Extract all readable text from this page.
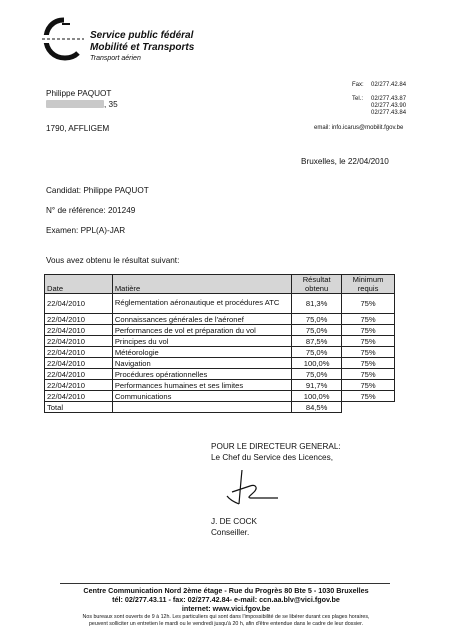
Service public fédéral
Mobilité et Transports
Transport aérien
Fax: 02/277.42.84
Tel.: 02/277.43.87
02/277.43.90
02/277.43.84
email: info.icarus@mobilit.fgov.be
Philippe PAQUOT
, 35
1790, AFFLIGEM
Bruxelles, le 22/04/2010
Candidat: Philippe PAQUOT
N° de référence: 201249
Examen: PPL(A)-JAR
Vous avez obtenu le résultat suivant:
Date	Matière	Résultat obtenu	Minimum requis
22/04/2010	Réglementation aéronautique et procédures ATC	81,3%	75%
22/04/2010	Connaissances générales de l'aéronef	75,0%	75%
22/04/2010	Performances de vol et préparation du vol	75,0%	75%
22/04/2010	Principes du vol	87,5%	75%
22/04/2010	Météorologie	75,0%	75%
22/04/2010	Navigation	100,0%	75%
22/04/2010	Procédures opérationnelles	75,0%	75%
22/04/2010	Performances humaines et ses limites	91,7%	75%
22/04/2010	Communications	100,0%	75%
Total		84,5%	
POUR LE DIRECTEUR GENERAL:
Le Chef du Service des Licences,
J. DE COCK
Conseiller.
Centre Communication Nord 2ème étage - Rue du Progrès 80 Bte 5 - 1030 Bruxelles
tél: 02/277.43.11 - fax: 02/277.42.84- e-mail: ccn.aa.blv@vici.fgov.be
internet: www.vici.fgov.be
Nos bureaux sont ouverts de 9 à 12h. Les particuliers qui sont dans l'impossibilité de se libérer durant ces plages horaires,
peuvent solliciter un entretien le mardi ou le vendredi jusqu'à 20 h, afin d'être entendue dans le cadre de leur dossier.
